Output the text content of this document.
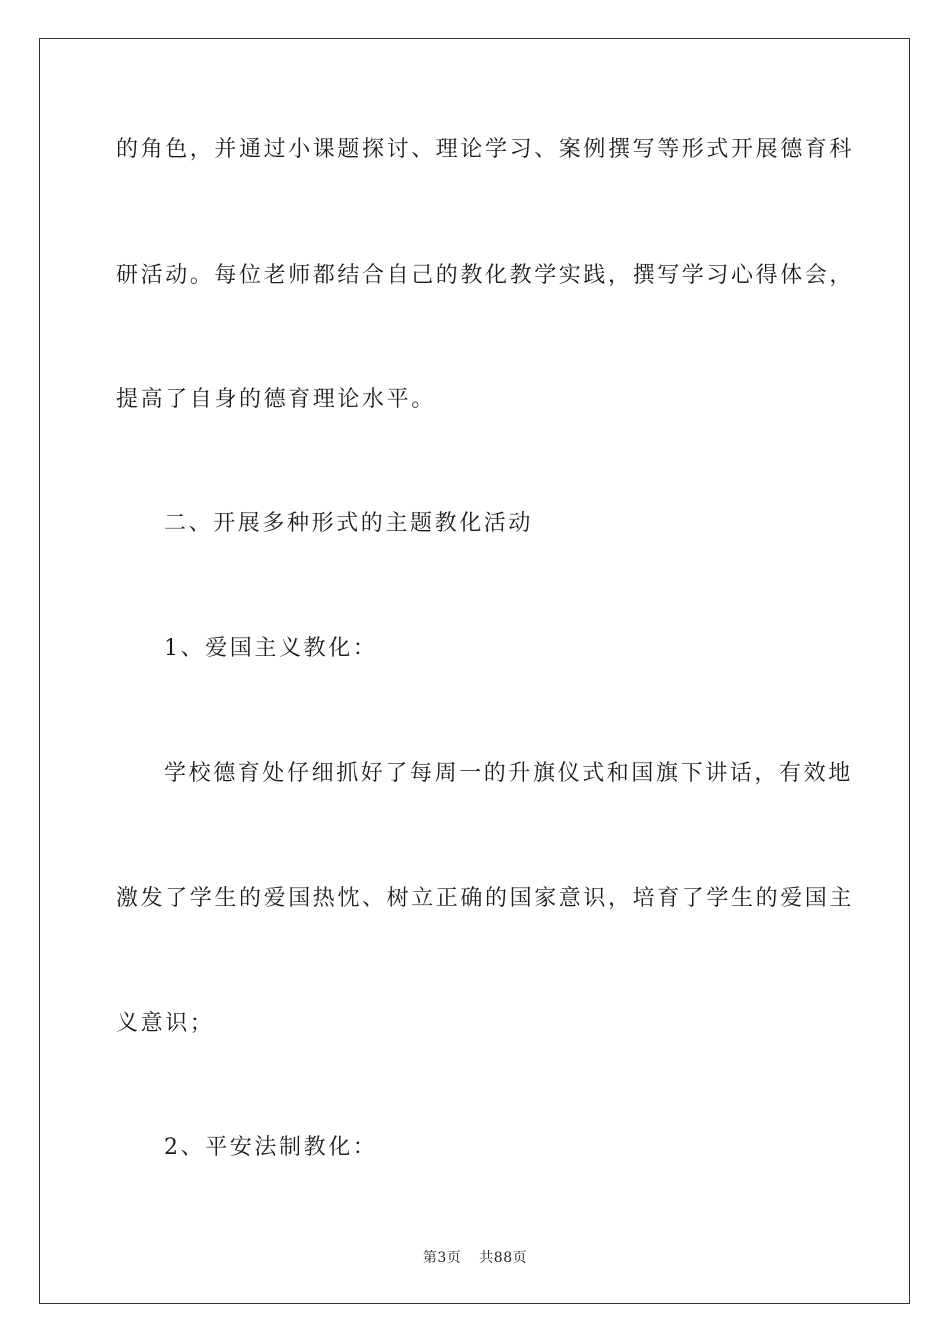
的角色，并通过小课题探讨、理论学习、案例撰写等形式开展德育科
研活动。每位老师都结合自己的教化教学实践，撰写学习心得体会，
提高了自身的德育理论水平。
二、开展多种形式的主题教化活动
1、爱国主义教化：
学校德育处仔细抓好了每周一的升旗仪式和国旗下讲话，有效地
激发了学生的爱国热忱、树立正确的国家意识，培育了学生的爱国主
义意识；
2、平安法制教化：
第3页 共88页
